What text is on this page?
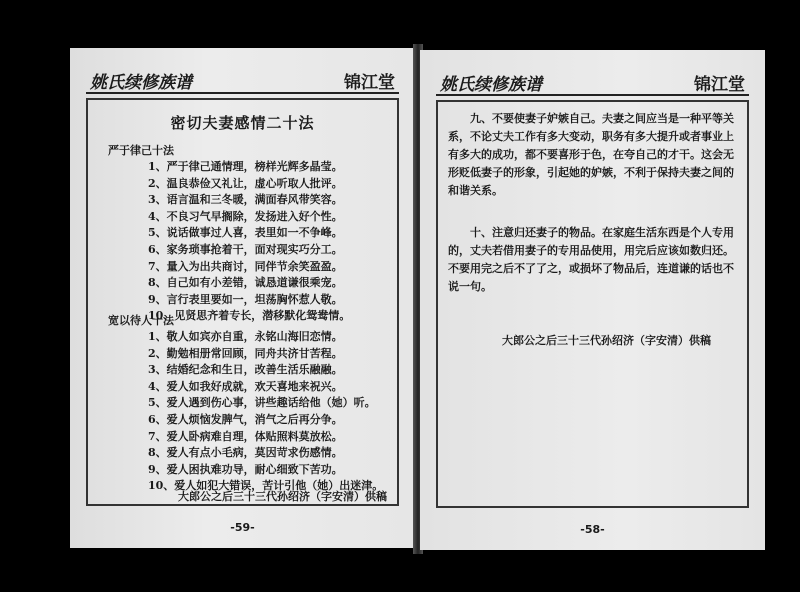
姚氏续修族谱	锦江堂
密切夫妻感情二十法
严于律己十法
1、严于律己通情理，榜样光辉多晶莹。
2、温良恭俭又礼让，虚心听取人批评。
3、语言温和三冬暖，满面春风带笑容。
4、不良习气早搁除，发扬进入好个性。
5、说话做事过人喜，表里如一不争峰。
6、家务琐事抢着干，面对现实巧分工。
7、量入为出共商讨，同伴节余笑盈盈。
8、自己如有小差错，诚恳道谦很乘宠。
9、言行表里要如一，坦荡胸怀惹人敬。
10、见贤思齐着专长，潜移默化鸳鸯情。
宽以待人十法
1、敬人如宾亦自重，永铭山海旧恋情。
2、勤勉相册常回顾，同舟共济甘苦程。
3、结婚纪念和生日，改善生活乐融融。
4、爱人如我好成就，欢天喜地来祝兴。
5、爱人遇到伤心事，讲些趣话给他（她）听。
6、爱人烦恼发脾气，消气之后再分争。
7、爱人卧病难自理，体贴照料莫放松。
8、爱人有点小毛病，莫因苛求伤感情。
9、爱人困执难功导，耐心细致下苦功。
10、爱人如犯大错误，苦计引他（她）出迷津。
大郎公之后三十三代孙绍济（字安清）供稿
-59-
姚氏续修族谱	锦江堂
九、不要使妻子妒嫉自己。夫妻之间应当是一种平等关系，不论丈夫工作有多大变动，职务有多大提升或者事业上有多大的成功，都不要喜形于色，在夸自己的才干。这会无形贬低妻子的形象，引起她的妒嫉，不利于保持夫妻之间的和谐关系。
十、注意归还妻子的物品。在家庭生活东西是个人专用的，丈夫若借用妻子的专用品使用，用完后应该如数归还。不要用完之后不了了之，或损坏了物品后，连道谦的话也不说一句。
大郎公之后三十三代孙绍济（字安清）供稿
-58-
